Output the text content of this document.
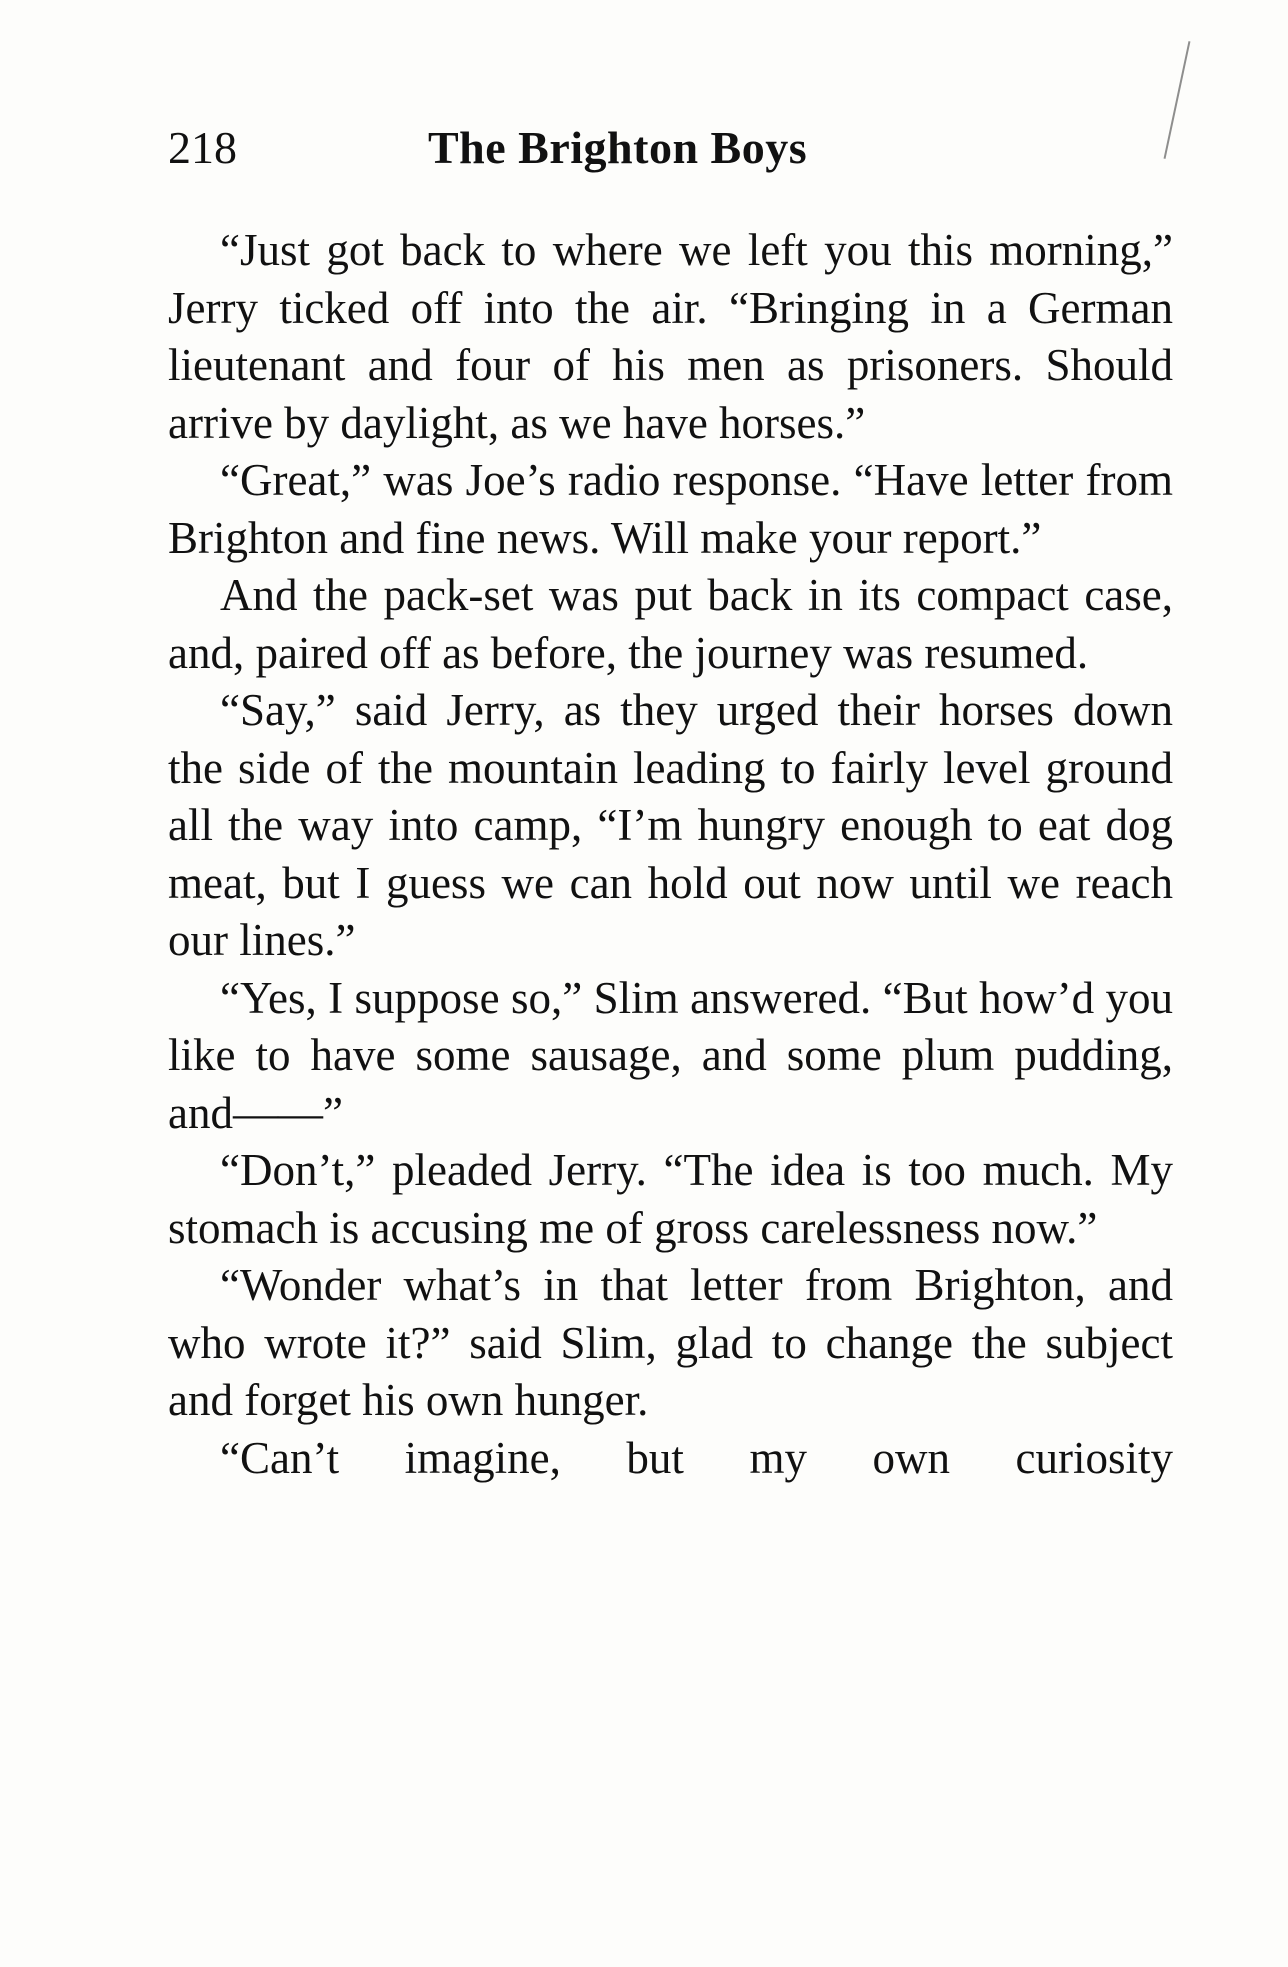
218	The Brighton Boys

“Just got back to where we left you this morning,” Jerry ticked off into the air. “Bringing in a German lieutenant and four of his men as prisoners. Should arrive by daylight, as we have horses.”

“Great,” was Joe’s radio response. “Have letter from Brighton and fine news. Will make your report.”

And the pack-set was put back in its compact case, and, paired off as before, the journey was resumed.

“Say,” said Jerry, as they urged their horses down the side of the mountain leading to fairly level ground all the way into camp, “I’m hungry enough to eat dog meat, but I guess we can hold out now until we reach our lines.”

“Yes, I suppose so,” Slim answered. “But how’d you like to have some sausage, and some plum pudding, and——”

“Don’t,” pleaded Jerry. “The idea is too much. My stomach is accusing me of gross carelessness now.”

“Wonder what’s in that letter from Brighton, and who wrote it?” said Slim, glad to change the subject and forget his own hunger.

“Can’t imagine, but my own curiosity
